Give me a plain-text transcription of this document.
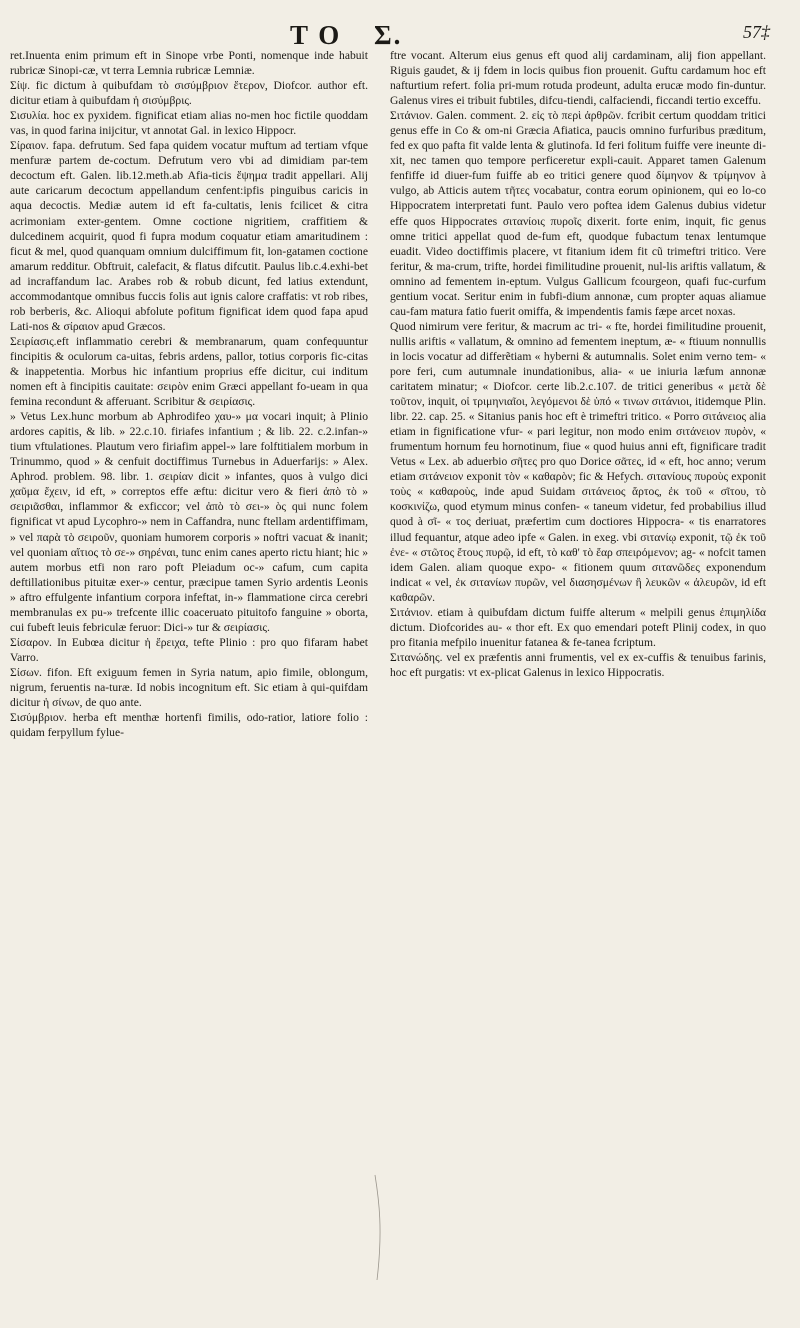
T O Σ.	57‡

ret.Inuenta enim primum eft in Sinope vrbe Ponti, nomenque inde habuit rubricæ Sinopi-cæ, vt terra Lemnia rubricæ Lemniæ.

Σίψ. fic dictum à quibufdam τὸ σισύμβριον ἕτερον, Diofcor. author eft. dicitur etiam à quibufdam ἡ σισύμβρις.

Σισυλία. hoc ex pyxidem. fignificat etiam alias no-men hoc fictile quoddam vas, in quod farina inijcitur, vt annotat Gal. in lexico Hippocr.

Σίραιον. fapa. defrutum. Sed fapa quidem vocatur muftum ad tertiam vfque menfuræ partem de-coctum. Defrutum vero vbi ad dimidiam par-tem decoctum eft. Galen. lib.12.meth.ab Afia-ticis ἕψημα tradit appellari. Alij aute caricarum decoctum appellandum cenfent:ipfis pinguibus caricis in aqua decoctis. Mediæ autem id eft fa-cultatis, lenis fcilicet & citra acrimoniam exter-gentem. Omne coctione nigritiem, craffitiem & dulcedinem acquirit, quod fi fupra modum coquatur etiam amaritudinem : ficut & mel, quod quanquam omnium dulciffimum fit, lon-gatamen coctione amarum redditur. Obftruit, calefacit, & flatus difcutit. Paulus lib.c.4.exhi-bet ad incraffandum lac. Arabes rob & robub dicunt, fed latius extendunt, accommodantque omnibus fuccis folis aut ignis calore craffatis: vt rob ribes, rob berberis, &c. Alioqui abfolute pofitum fignificat idem quod fapa apud Lati-nos & σίραιον apud Græcos.

Σειρίασις.eft inflammatio cerebri & membranarum, quam confequuntur fincipitis & oculorum ca-uitas, febris ardens, pallor, totius corporis fic-citas & inappetentia. Morbus hic infantium proprius effe dicitur, cui inditum nomen eft à fincipitis cauitate: σειρὸν enim Græci appellant fo-ueam in qua femina recondunt & afferuant. Scribitur & σειρίασις.

» Vetus Lex.hunc morbum ab Aphrodifeo χαυ-» μα vocari inquit; à Plinio ardores capitis, & lib. » 22.c.10. firiafes infantium ; & lib. 22. c.2.infan-» tium vftulationes. Plautum vero firiafim appel-» lare folftitialem morbum in Trinummo, quod » & cenfuit doctiffimus Turnebus in Aduerfarijs: » Alex. Aphrod. problem. 98. libr. 1. σειρίαν dicit » infantes, quos à vulgo dici χαῦμα ἔχειν, id eft, » correptos effe æftu: dicitur vero & fieri ἀπὸ τὸ » σειριᾶσθαι, inflammor & exficcor; vel ἀπὸ τὸ σει-» ὸς qui nunc folem fignificat vt apud Lycophro-» nem in Caffandra, nunc ftellam ardentiffimam, » vel παρὰ τὸ σειροῦν, quoniam humorem corporis » noftri vacuat & inanit; vel quoniam αἴτιος τὸ σε-» σηρέναι, tunc enim canes aperto rictu hiant; hic » autem morbus etfi non raro poft Pleiadum oc-» cafum, cum capita deftillationibus pituitæ exer-» centur, præcipue tamen Syrio ardentis Leonis » aftro effulgente infantium corpora infeftat, in-» flammatione circa cerebri membranulas ex pu-» trefcente illic coaceruato pituitofo fanguine » oborta, cui fubeft leuis febriculæ feruor: Dici-» tur & σειρίασις.

Σίσαρον. In Eubœa dicitur ἡ ἔρειχα, tefte Plinio : pro quo fifaram habet Varro.

Σίσων. fifon. Eft exiguum femen in Syria natum, apio fimile, oblongum, nigrum, feruentis na-turæ. Id nobis incognitum eft. Sic etiam à qui-quifdam dicitur ἡ σίνων, de quo ante.

Σισύμβριον. herba eft menthæ hortenfi fimilis, odo-ratior, latiore folio : quidam ferpyllum fylue-

ftre vocant. Alterum eius genus eft quod alij cardaminam, alij fion appellant. Riguis gaudet, & ij fdem in locis quibus fion prouenit. Guftu cardamum hoc eft nafturtium refert. folia pri-mum rotuda prodeunt, adulta erucæ modo fin-duntur. Galenus vires ei tribuit fubtiles, difcu-tiendi, calfaciendi, ficcandi tertio exceffu.

Σιτάνιον. Galen. comment. 2. εἰς τὸ περὶ ἀρθρῶν. fcribit certum quoddam tritici genus effe in Co & om-ni Græcia Afiatica, paucis omnino furfuribus præditum, fed ex quo pafta fit valde lenta & glutinofa. Id feri folitum fuiffe vere ineunte di-xit, nec tamen quo tempore perficeretur expli-cauit. Apparet tamen Galenum fenfiffe id diuer-fum fuiffe ab eo tritici genere quod δίμηνον & τρίμηνον à vulgo, ab Atticis autem τῆτες vocabatur, contra eorum opinionem, qui eo lo-co Hippocratem interpretati funt. Paulo vero poftea idem Galenus dubius videtur effe quos Hippocrates σιτανίοις πυροῖς dixerit. forte enim, inquit, fic genus omne tritici appellat quod de-fum eft, quodque fubactum tenax lentumque euadit. Video doctiffimis placere, vt fitanium idem fit cũ trimeftri tritico. Vere feritur, & ma-crum, trifte, hordei fimilitudine prouenit, nul-lis ariftis vallatum, & omnino ad fementem in-eptum. Vulgus Gallicum fcourgeon, quafi fuc-curfum gentium vocat. Seritur enim in fubfi-dium annonæ, cum propter aquas aliamue cau-fam matura fatio fuerit omiffa, & impendentis famis fæpe arcet noxas.

Quod nimirum vere feritur, & macrum ac tri- « fte, hordei fimilitudine prouenit, nullis ariftis « vallatum, & omnino ad fementem ineptum, æ- « ftiuum nonnullis in locis vocatur ad differẽtiam « hyberni & autumnalis. Solet enim verno tem- « pore feri, cum autumnale inundationibus, alia- « ue iniuria læfum annonæ caritatem minatur; « Diofcor. certe lib.2.c.107. de tritici generibus « μετὰ δὲ τοῦτον, inquit, οἱ τριμηνιαῖοι, λεγόμενοι δὲ ὑπό « τινων σιτάνιοι, itidemque Plin. libr. 22. cap. 25. « Sitanius panis hoc eft è trimeftri tritico. « Porro σιτάνειος alia etiam in fignificatione vfur- « pari legitur, non modo enim σιτάνειον πυρὸν, « frumentum hornum feu hornotinum, fiue « quod huius anni eft, fignificare tradit Vetus « Lex. ab aduerbio σῆτες pro quo Dorice σᾶτες, id « eft, hoc anno; verum etiam σιτάνειον exponit τὸν « καθαρὸν; fic & Hefych. σιτανίους πυροὺς exponit τοὺς « καθαροὺς, inde apud Suidam σιτάνειος ἄρτος, ἐκ τοῦ « σῖτου, τὸ κοσκινίζω, quod etymum minus confen- « taneum videtur, fed probabilius illud quod à σῖ- « τος deriuat, præfertim cum doctiores Hippocra- « tis enarratores illud fequantur, atque adeo ipfe « Galen. in exeg. vbi σιτανίῳ exponit, τῷ ἐκ τοῦ ἐνε- « στῶτος ἔτους πυρῷ, id eft, τὸ καθ' τὸ ἔαρ σπειρόμενον; ag- « nofcit tamen idem Galen. aliam quoque expo- « fitionem quum σιτανῶδες exponendum indicat « vel, ἐκ σιτανίων πυρῶν, vel διασησμένων ἢ λευκῶν « ἀλευρῶν, id eft καθαρῶν.

Σιτάνιον. etiam à quibufdam dictum fuiffe alterum « melpili genus ἐπιμηλίδα dictum. Diofcorides au- « thor eft. Ex quo emendari poteft Plinij codex, in quo pro fitania mefpilo inuenitur fatanea & fe-tanea fcriptum.

Σιτανώδης. vel ex præfentis anni frumentis, vel ex ex-cuffis & tenuibus farinis, hoc eft purgatis: vt ex-plicat Galenus in lexico Hippocratis.
